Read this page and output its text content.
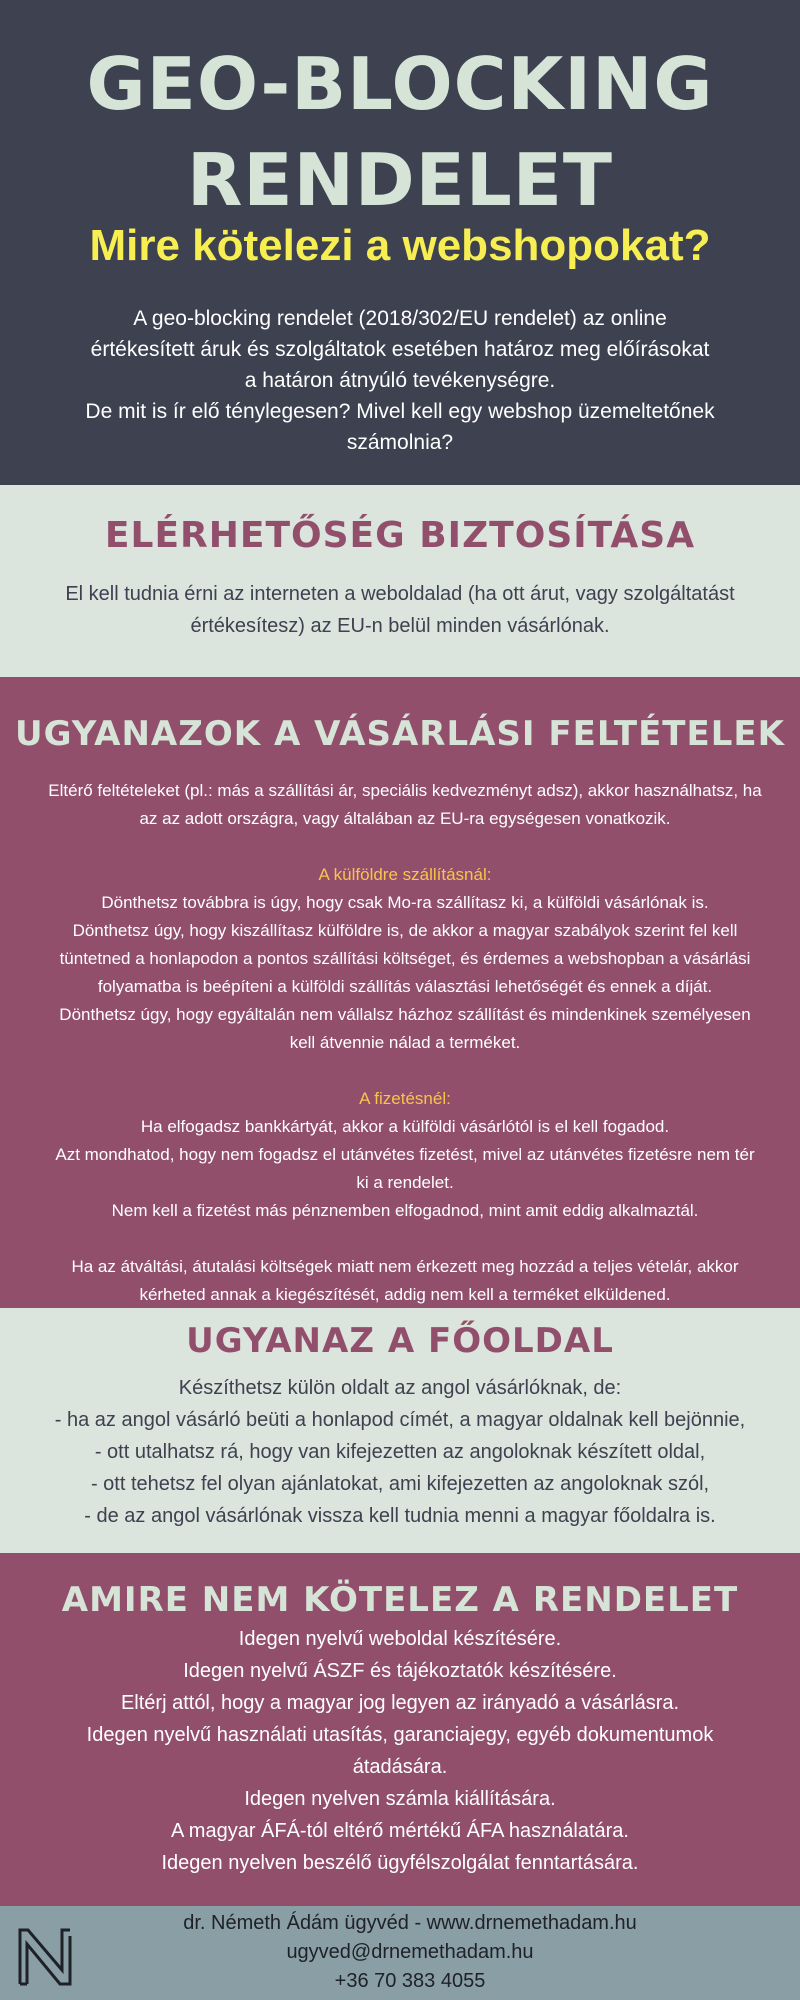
GEO-BLOCKING
RENDELET
Mire kötelezi a webshopokat?

A geo-blocking rendelet (2018/302/EU rendelet) az online
értékesített áruk és szolgáltatok esetében határoz meg előírásokat
a határon átnyúló tevékenységre.
De mit is ír elő ténylegesen? Mivel kell egy webshop üzemeltetőnek
számolnia?

ELÉRHETŐSÉG BIZTOSÍTÁSA

El kell tudnia érni az interneten a weboldalad (ha ott árut, vagy szolgáltatást
értékesítesz) az EU-n belül minden vásárlónak.

UGYANAZOK A VÁSÁRLÁSI FELTÉTELEK

Eltérő feltételeket (pl.: más a szállítási ár, speciális kedvezményt adsz), akkor használhatsz, ha

az az adott országra, vagy általában az EU-ra egységesen vonatkozik.

A külföldre szállításnál:

Dönthetsz továbbra is úgy, hogy csak Mo-ra szállítasz ki, a külföldi vásárlónak is.

Dönthetsz úgy, hogy kiszállítasz külföldre is, de akkor a magyar szabályok szerint fel kell

tüntetned a honlapodon a pontos szállítási költséget, és érdemes a webshopban a vásárlási

folyamatba is beépíteni a külföldi szállítás választási lehetőségét és ennek a díját.

Dönthetsz úgy, hogy egyáltalán nem vállalsz házhoz szállítást és mindenkinek személyesen

kell átvennie nálad a terméket.

A fizetésnél:

Ha elfogadsz bankkártyát, akkor a külföldi vásárlótól is el kell fogadod.

Azt mondhatod, hogy nem fogadsz el utánvétes fizetést, mivel az utánvétes fizetésre nem tér

ki a rendelet.

Nem kell a fizetést más pénznemben elfogadnod, mint amit eddig alkalmaztál.

Ha az átváltási, átutalási költségek miatt nem érkezett meg hozzád a teljes vételár, akkor

kérheted annak a kiegészítését, addig nem kell a terméket elküldened.

UGYANAZ A FŐOLDAL

Készíthetsz külön oldalt az angol vásárlóknak, de:

- ha az angol vásárló beüti a honlapod címét, a magyar oldalnak kell bejönnie,

- ott utalhatsz rá, hogy van kifejezetten az angoloknak készített oldal,

- ott tehetsz fel olyan ajánlatokat, ami kifejezetten az angoloknak szól,

- de az angol vásárlónak vissza kell tudnia menni a magyar főoldalra is.

AMIRE NEM KÖTELEZ A RENDELET

Idegen nyelvű weboldal készítésére.

Idegen nyelvű ÁSZF és tájékoztatók készítésére.

Eltérj attól, hogy a magyar jog legyen az irányadó a vásárlásra.

Idegen nyelvű használati utasítás, garanciajegy, egyéb dokumentumok

átadására.

Idegen nyelven számla kiállítására.

A magyar ÁFÁ-tól eltérő mértékű ÁFA használatára.

Idegen nyelven beszélő ügyfélszolgálat fenntartására.

dr. Németh Ádám ügyvéd - www.drnemethadam.hu

ugyved@drnemethadam.hu

+36 70 383 4055
